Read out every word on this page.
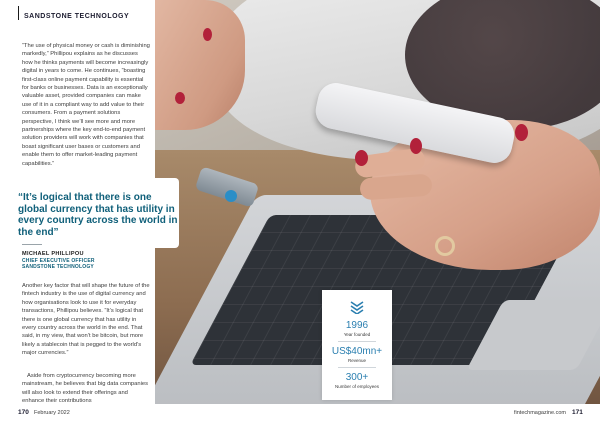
SANDSTONE TECHNOLOGY

“The use of physical money or cash is diminishing markedly,” Phillipou explains as he discusses how he thinks payments will become increasingly digital in years to come. He continues, “boasting first-class online payment capability is essential for banks or businesses. Data is an exceptionally valuable asset, provided companies can make use of it in a compliant way to add value to their consumers. From a payment solutions perspective, I think we’ll see more and more partnerships where the key end-to-end payment solution providers will work with companies that boast significant user bases or customers and enable them to offer market-leading payment capabilities.”

“It’s logical that there is one global currency that has utility in every country across the world in the end”

MICHAEL PHILLIPOU
CHIEF EXECUTIVE OFFICER
SANDSTONE TECHNOLOGY

Another key factor that will shape the future of the fintech industry is the use of digital currency and how organisations look to use it for everyday transactions, Phillipou believes. “It’s logical that there is one global currency that has utility in every country across the world in the end. That said, in my view, that won’t be bitcoin, but more likely a stablecoin that is pegged to the world’s major currencies.”

Aside from cryptocurrency becoming more mainstream, he believes that big data companies will also look to extend their offerings and enhance their contributions

1996
Year founded
US$40mn+
Revenue
300+
Number of employees
170 February 2022	fintechmagazine.com 171
